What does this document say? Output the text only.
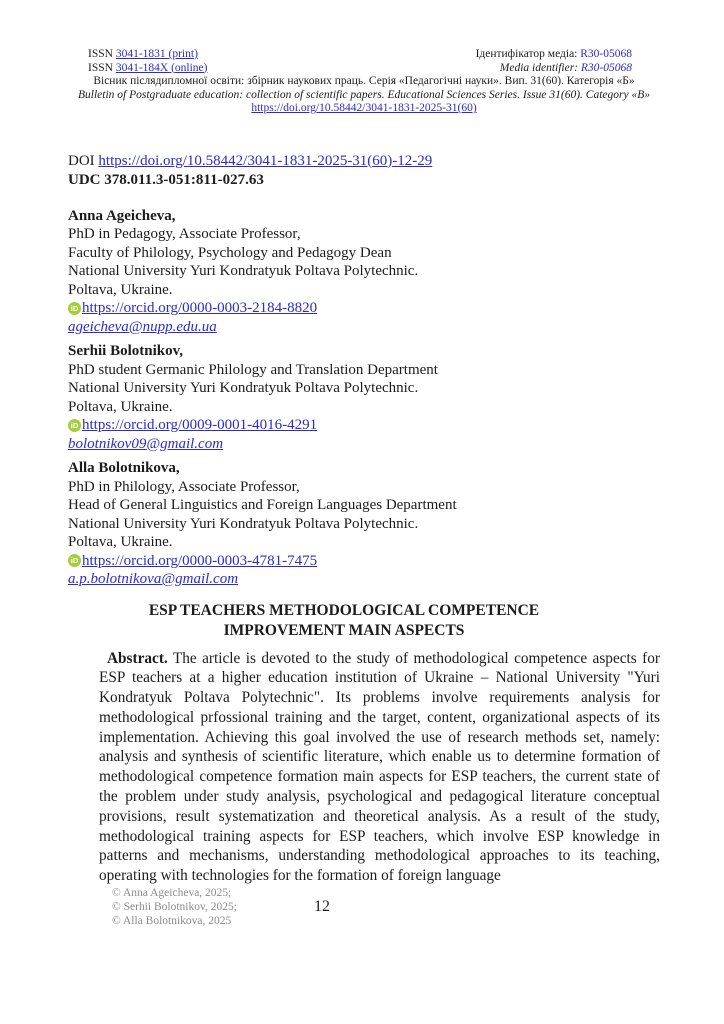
ISSN 3041-1831 (print)
ISSN 3041-184X (online)
Ідентифікатор медіа: R30-05068
Media identifier: R30-05068
Вісник післядипломної освіти: збірник наукових праць. Серія «Педагогічні науки». Вип. 31(60). Категорія «Б»
Bulletin of Postgraduate education: collection of scientific papers. Educational Sciences Series. Issue 31(60). Category «B»
https://doi.org/10.58442/3041-1831-2025-31(60)
DOI https://doi.org/10.58442/3041-1831-2025-31(60)-12-29
UDC 378.011.3-051:811-027.63
Anna Ageicheva,
PhD in Pedagogy, Associate Professor,
Faculty of Philology, Psychology and Pedagogy Dean
National University Yuri Kondratyuk Poltava Polytechnic.
Poltava, Ukraine.
iD https://orcid.org/0000-0003-2184-8820
ageicheva@nupp.edu.ua
Serhii Bolotnikov,
PhD student Germanic Philology and Translation Department
National University Yuri Kondratyuk Poltava Polytechnic.
Poltava, Ukraine.
iD https://orcid.org/0009-0001-4016-4291
bolotnikov09@gmail.com
Alla Bolotnikova,
PhD in Philology, Associate Professor,
Head of General Linguistics and Foreign Languages Department
National University Yuri Kondratyuk Poltava Polytechnic.
Poltava, Ukraine.
iD https://orcid.org/0000-0003-4781-7475
a.p.bolotnikova@gmail.com
ESP TEACHERS METHODOLOGICAL COMPETENCE
IMPROVEMENT MAIN ASPECTS

Abstract. The article is devoted to the study of methodological competence aspects for ESP teachers at a higher education institution of Ukraine – National University "Yuri Kondratyuk Poltava Polytechnic". Its problems involve requirements analysis for methodological prfossional training and the target, content, organizational aspects of its implementation. Achieving this goal involved the use of research methods set, namely: analysis and synthesis of scientific literature, which enable us to determine formation of methodological competence formation main aspects for ESP teachers, the current state of the problem under study analysis, psychological and pedagogical literature conceptual provisions, result systematization and theoretical analysis. As a result of the study, methodological training aspects for ESP teachers, which involve ESP knowledge in patterns and mechanisms, understanding methodological approaches to its teaching, operating with technologies for the formation of foreign language

© Anna Ageicheva, 2025;
© Serhii Bolotnikov, 2025;
© Alla Bolotnikova, 2025
12
